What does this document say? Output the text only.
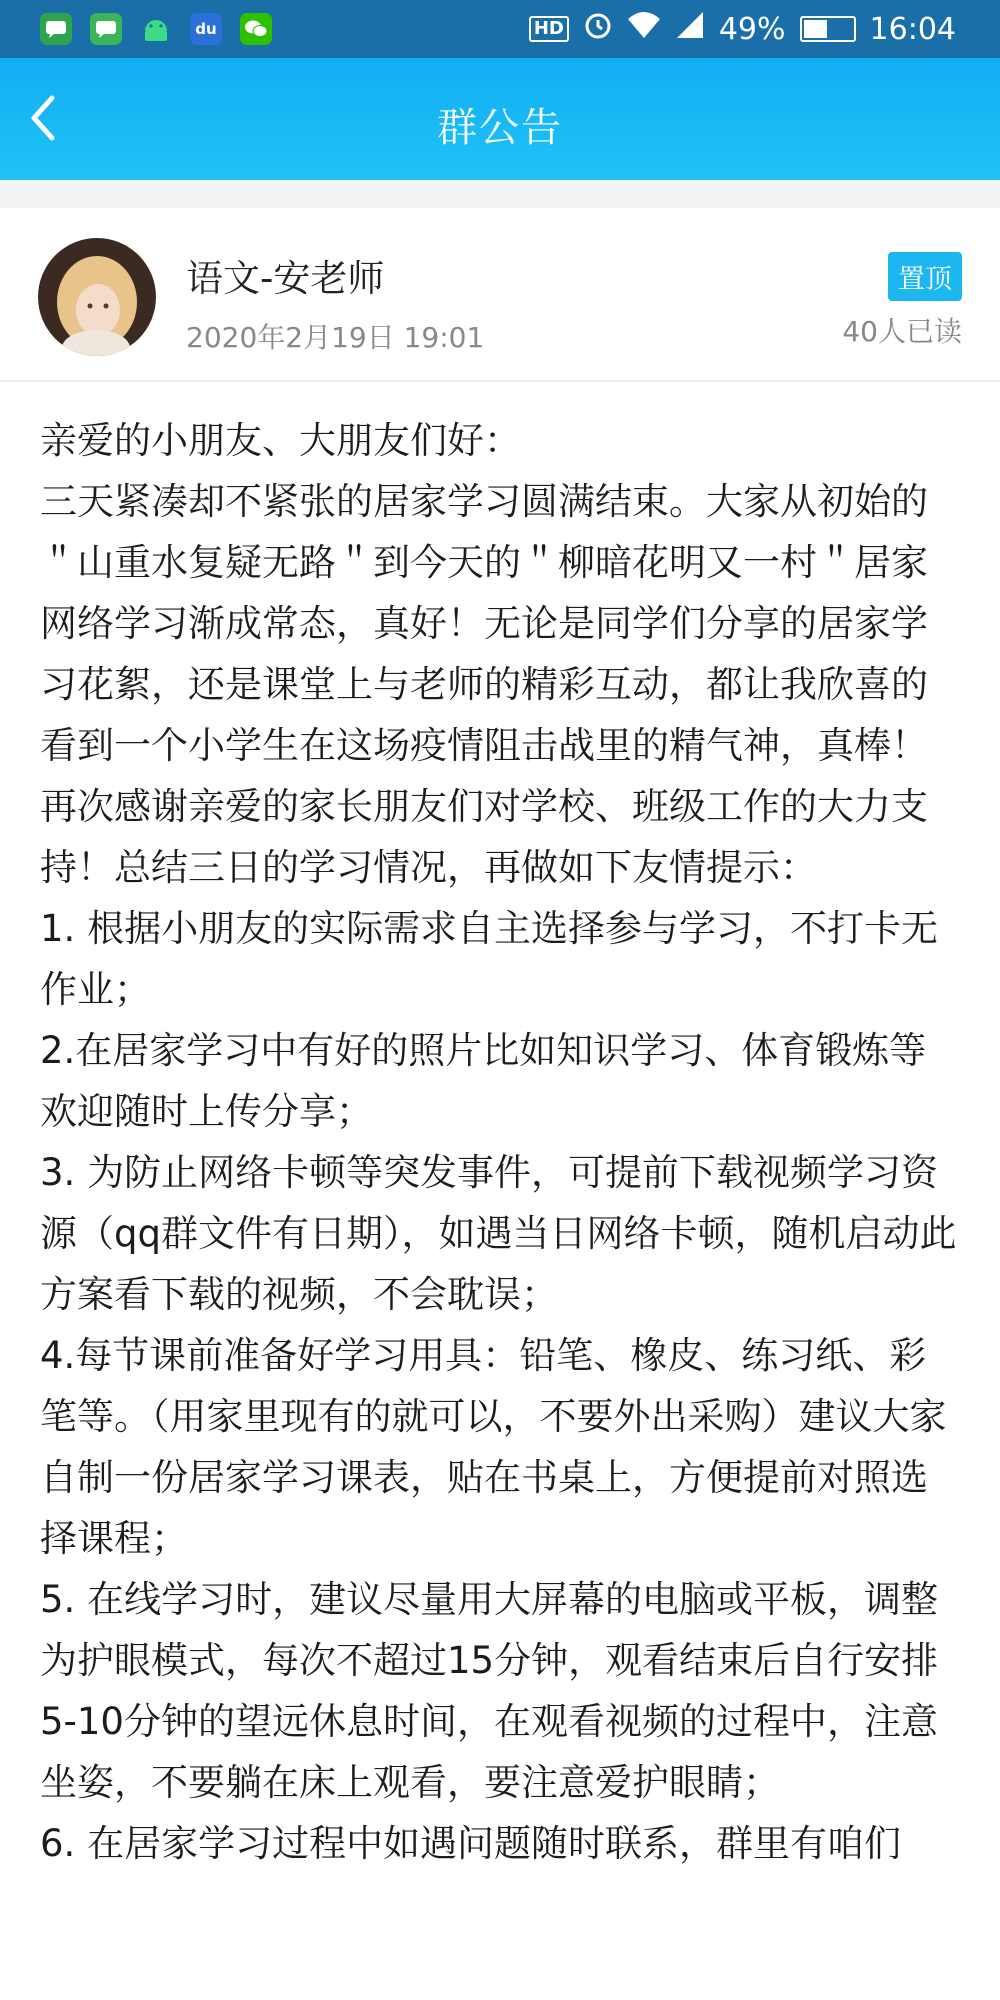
du	HD	49%	16:04
群公告
语文-安老师
2020年2月19日 19:01
置顶
40人已读

亲爱的小朋友、大朋友们好：

三天紧凑却不紧张的居家学习圆满结束。大家从初始的＂山重水复疑无路＂到今天的＂柳暗花明又一村＂居家网络学习渐成常态，真好！无论是同学们分享的居家学习花絮，还是课堂上与老师的精彩互动，都让我欣喜的看到一个小学生在这场疫情阻击战里的精气神，真棒！

再次感谢亲爱的家长朋友们对学校、班级工作的大力支持！总结三日的学习情况，再做如下友情提示：

1. 根据小朋友的实际需求自主选择参与学习，不打卡无作业；

2.在居家学习中有好的照片比如知识学习、体育锻炼等欢迎随时上传分享；

3. 为防止网络卡顿等突发事件，可提前下载视频学习资源（qq群文件有日期），如遇当日网络卡顿，随机启动此方案看下载的视频，不会耽误；

4.每节课前准备好学习用具：铅笔、橡皮、练习纸、彩笔等。（用家里现有的就可以，不要外出采购）建议大家自制一份居家学习课表，贴在书桌上，方便提前对照选择课程；

5. 在线学习时，建议尽量用大屏幕的电脑或平板，调整为护眼模式，每次不超过15分钟，观看结束后自行安排5-10分钟的望远休息时间，在观看视频的过程中，注意坐姿，不要躺在床上观看，要注意爱护眼睛；

6. 在居家学习过程中如遇问题随时联系，群里有咱们
